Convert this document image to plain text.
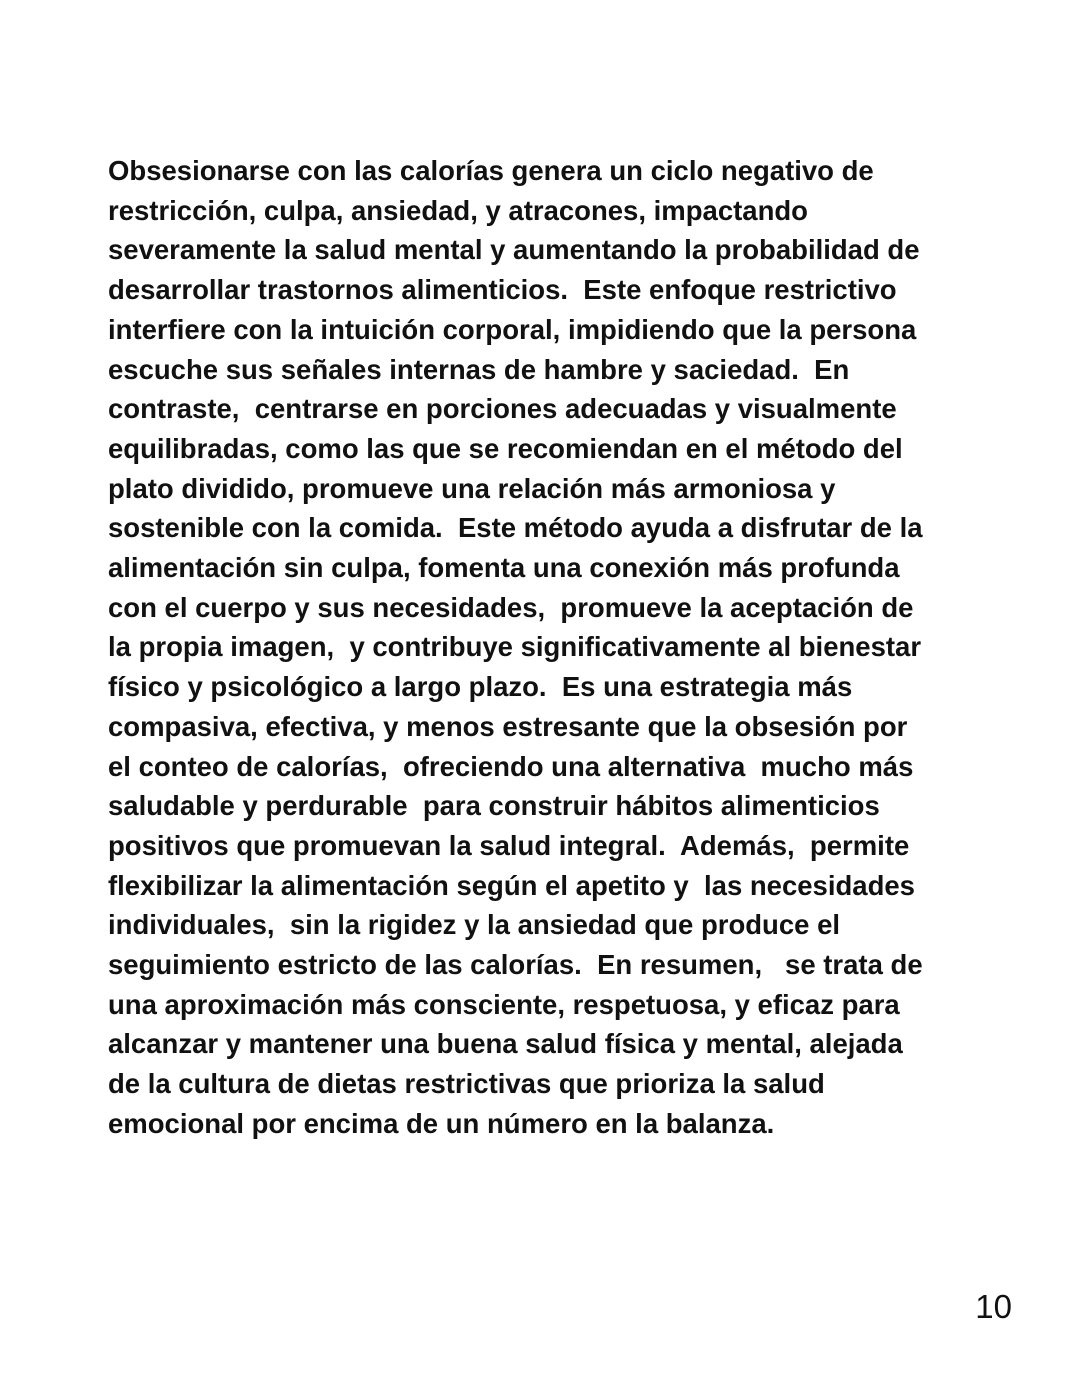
Obsesionarse con las calorías genera un ciclo negativo de
restricción, culpa, ansiedad, y atracones, impactando
severamente la salud mental y aumentando la probabilidad de
desarrollar trastornos alimenticios.  Este enfoque restrictivo
interfiere con la intuición corporal, impidiendo que la persona
escuche sus señales internas de hambre y saciedad.  En
contraste,  centrarse en porciones adecuadas y visualmente
equilibradas, como las que se recomiendan en el método del
plato dividido, promueve una relación más armoniosa y
sostenible con la comida.  Este método ayuda a disfrutar de la
alimentación sin culpa, fomenta una conexión más profunda
con el cuerpo y sus necesidades,  promueve la aceptación de
la propia imagen,  y contribuye significativamente al bienestar
físico y psicológico a largo plazo.  Es una estrategia más
compasiva, efectiva, y menos estresante que la obsesión por
el conteo de calorías,  ofreciendo una alternativa  mucho más
saludable y perdurable  para construir hábitos alimenticios
positivos que promuevan la salud integral.  Además,  permite
flexibilizar la alimentación según el apetito y  las necesidades
individuales,  sin la rigidez y la ansiedad que produce el
seguimiento estricto de las calorías.  En resumen,   se trata de
una aproximación más consciente, respetuosa, y eficaz para
alcanzar y mantener una buena salud física y mental, alejada
de la cultura de dietas restrictivas que prioriza la salud
emocional por encima de un número en la balanza.

10
